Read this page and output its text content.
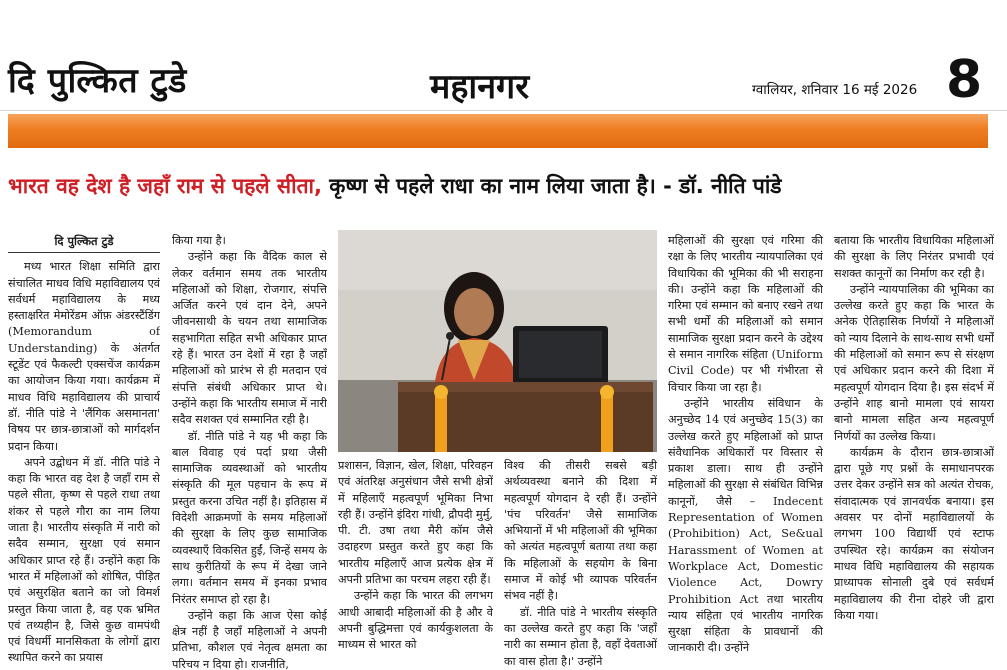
दि पुल्कित टुडे	महानगर	ग्वालियर, शनिवार 16 मई 2026 8
भारत वह देश है जहाँ राम से पहले सीता, कृष्ण से पहले राधा का नाम लिया जाता है। - डॉ. नीति पांडे

दि पुल्कित टुडे

मध्य भारत शिक्षा समिति द्वारा संचालित माधव विधि महाविद्यालय एवं सर्वधर्म महाविद्यालय के मध्य हस्ताक्षरित मेमोरेंडम ऑफ़ अंडरस्टैंडिंग (Memorandum of Understanding) के अंतर्गत स्टूडेंट एवं फैकल्टी एक्सचेंज कार्यक्रम का आयोजन किया गया। कार्यक्रम में माधव विधि महाविद्यालय की प्राचार्य डॉ. नीति पांडे ने 'लैंगिक असमानता' विषय पर छात्र-छात्राओं को मार्गदर्शन प्रदान किया।

अपने उद्बोधन में डॉ. नीति पांडे ने कहा कि भारत वह देश है जहाँ राम से पहले सीता, कृष्ण से पहले राधा तथा शंकर से पहले गौरा का नाम लिया जाता है। भारतीय संस्कृति में नारी को सदैव सम्मान, सुरक्षा एवं समान अधिकार प्राप्त रहे हैं। उन्होंने कहा कि भारत में महिलाओं को शोषित, पीड़ित एवं असुरक्षित बताने का जो विमर्श प्रस्तुत किया जाता है, वह एक भ्रमित एवं तथ्यहीन है, जिसे कुछ वामपंथी एवं विधर्मी मानसिकता के लोगों द्वारा स्थापित करने का प्रयास

किया गया है।

उन्होंने कहा कि वैदिक काल से लेकर वर्तमान समय तक भारतीय महिलाओं को शिक्षा, रोजगार, संपत्ति अर्जित करने एवं दान देने, अपने जीवनसाथी के चयन तथा सामाजिक सहभागिता सहित सभी अधिकार प्राप्त रहे हैं। भारत उन देशों में रहा है जहाँ महिलाओं को प्रारंभ से ही मतदान एवं संपत्ति संबंधी अधिकार प्राप्त थे। उन्होंने कहा कि भारतीय समाज में नारी सदैव सशक्त एवं सम्मानित रही है।

डॉ. नीति पांडे ने यह भी कहा कि बाल विवाह एवं पर्दा प्रथा जैसी सामाजिक व्यवस्थाओं को भारतीय संस्कृति की मूल पहचान के रूप में प्रस्तुत करना उचित नहीं है। इतिहास में विदेशी आक्रमणों के समय महिलाओं की सुरक्षा के लिए कुछ सामाजिक व्यवस्थाएँ विकसित हुईं, जिन्हें समय के साथ कुरीतियों के रूप में देखा जाने लगा। वर्तमान समय में इनका प्रभाव निरंतर समाप्त हो रहा है।

उन्होंने कहा कि आज ऐसा कोई क्षेत्र नहीं है जहाँ महिलाओं ने अपनी प्रतिभा, कौशल एवं नेतृत्व क्षमता का परिचय न दिया हो। राजनीति,

प्रशासन, विज्ञान, खेल, शिक्षा, परिवहन एवं अंतरिक्ष अनुसंधान जैसे सभी क्षेत्रों में महिलाएँ महत्वपूर्ण भूमिका निभा रही हैं। उन्होंने इंदिरा गांधी, द्रौपदी मुर्मु, पी. टी. उषा तथा मैरी कॉम जैसे उदाहरण प्रस्तुत करते हुए कहा कि भारतीय महिलाएँ आज प्रत्येक क्षेत्र में अपनी प्रतिभा का परचम लहरा रही हैं।

उन्होंने कहा कि भारत की लगभग आधी आबादी महिलाओं की है और वे अपनी बुद्धिमत्ता एवं कार्यकुशलता के माध्यम से भारत को

विश्व की तीसरी सबसे बड़ी अर्थव्यवस्था बनाने की दिशा में महत्वपूर्ण योगदान दे रही हैं। उन्होंने 'पंच परिवर्तन' जैसे सामाजिक अभियानों में भी महिलाओं की भूमिका को अत्यंत महत्वपूर्ण बताया तथा कहा कि महिलाओं के सहयोग के बिना समाज में कोई भी व्यापक परिवर्तन संभव नहीं है।

डॉ. नीति पांडे ने भारतीय संस्कृति का उल्लेख करते हुए कहा कि 'जहाँ नारी का सम्मान होता है, वहाँ देवताओं का वास होता है।' उन्होंने

महिलाओं की सुरक्षा एवं गरिमा की रक्षा के लिए भारतीय न्यायपालिका एवं विधायिका की भूमिका की भी सराहना की। उन्होंने कहा कि महिलाओं की गरिमा एवं सम्मान को बनाए रखने तथा सभी धर्मों की महिलाओं को समान सामाजिक सुरक्षा प्रदान करने के उद्देश्य से समान नागरिक संहिता (Uniform Civil Code) पर भी गंभीरता से विचार किया जा रहा है।

उन्होंने भारतीय संविधान के अनुच्छेद 14 एवं अनुच्छेद 15(3) का उल्लेख करते हुए महिलाओं को प्राप्त संवैधानिक अधिकारों पर विस्तार से प्रकाश डाला। साथ ही उन्होंने महिलाओं की सुरक्षा से संबंधित विभिन्न कानूनों, जैसे – Indecent Representation of Women (Prohibition) Act, Se&ual Harassment of Women at Workplace Act, Domestic Violence Act, Dowry Prohibition Act तथा भारतीय न्याय संहिता एवं भारतीय नागरिक सुरक्षा संहिता के प्रावधानों की जानकारी दी। उन्होंने

बताया कि भारतीय विधायिका महिलाओं की सुरक्षा के लिए निरंतर प्रभावी एवं सशक्त कानूनों का निर्माण कर रही है।

उन्होंने न्यायपालिका की भूमिका का उल्लेख करते हुए कहा कि भारत के अनेक ऐतिहासिक निर्णयों ने महिलाओं को न्याय दिलाने के साथ-साथ सभी धर्मों की महिलाओं को समान रूप से संरक्षण एवं अधिकार प्रदान करने की दिशा में महत्वपूर्ण योगदान दिया है। इस संदर्भ में उन्होंने शाह बानो मामला एवं सायरा बानो मामला सहित अन्य महत्वपूर्ण निर्णयों का उल्लेख किया।

कार्यक्रम के दौरान छात्र-छात्राओं द्वारा पूछे गए प्रश्नों के समाधानपरक उत्तर देकर उन्होंने सत्र को अत्यंत रोचक, संवादात्मक एवं ज्ञानवर्धक बनाया। इस अवसर पर दोनों महाविद्यालयों के लगभग 100 विद्यार्थी एवं स्टाफ उपस्थित रहे। कार्यक्रम का संयोजन माधव विधि महाविद्यालय की सहायक प्राध्यापक सोनाली दुबे एवं सर्वधर्म महाविद्यालय की रीना दोहरे जी द्वारा किया गया।
